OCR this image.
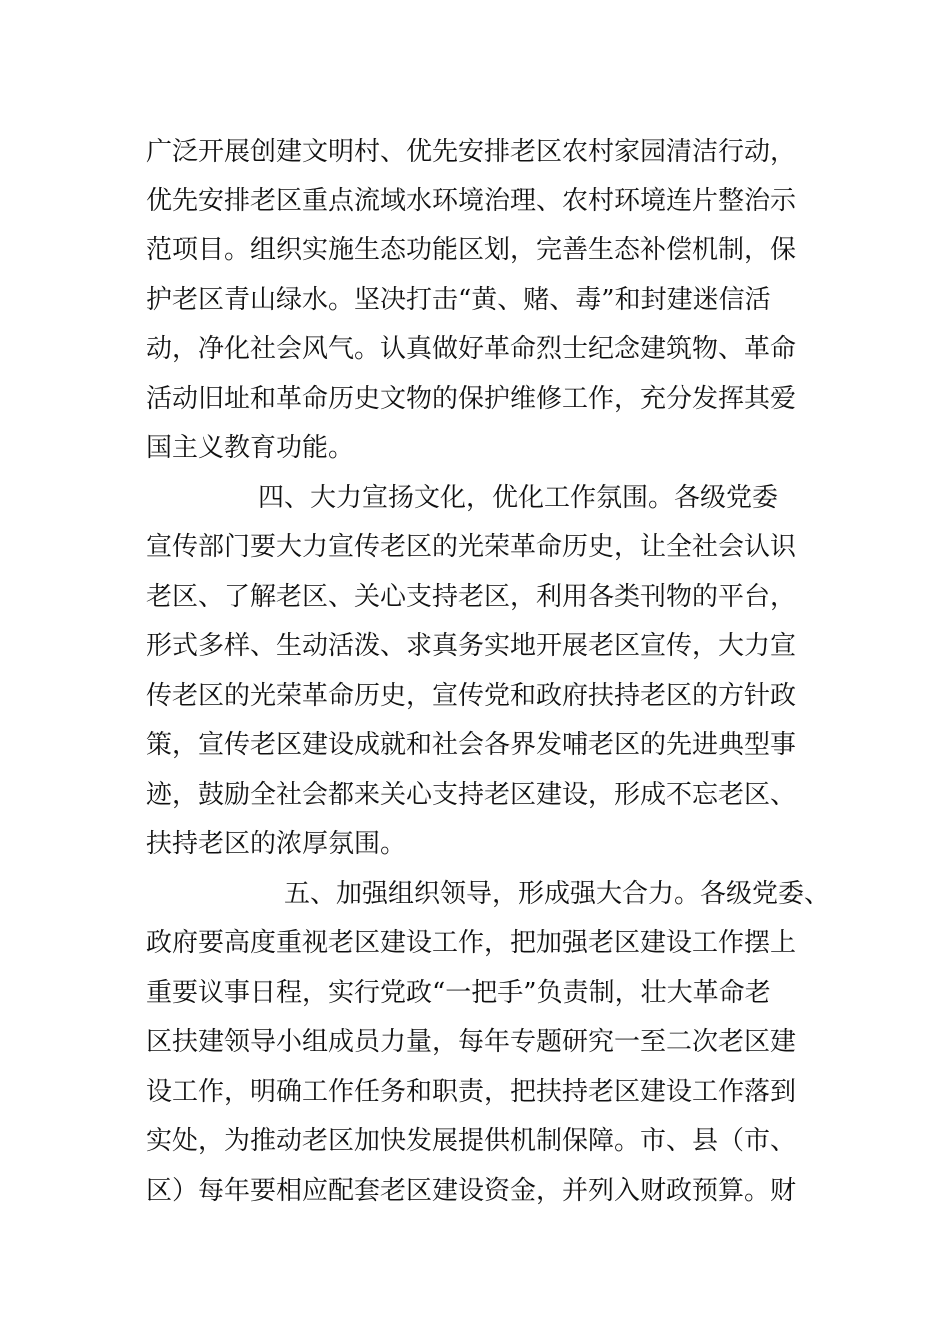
广泛开展创建文明村、优先安排老区农村家园清洁行动，
优先安排老区重点流域水环境治理、农村环境连片整治示
范项目。组织实施生态功能区划，完善生态补偿机制，保
护老区青山绿水。坚决打击“黄、赌、毒”和封建迷信活
动，净化社会风气。认真做好革命烈士纪念建筑物、革命
活动旧址和革命历史文物的保护维修工作，充分发挥其爱
国主义教育功能。
四、大力宣扬文化，优化工作氛围。各级党委
宣传部门要大力宣传老区的光荣革命历史，让全社会认识
老区、了解老区、关心支持老区，利用各类刊物的平台，
形式多样、生动活泼、求真务实地开展老区宣传，大力宣
传老区的光荣革命历史，宣传党和政府扶持老区的方针政
策，宣传老区建设成就和社会各界发哺老区的先进典型事
迹，鼓励全社会都来关心支持老区建设，形成不忘老区、
扶持老区的浓厚氛围。
五、加强组织领导，形成强大合力。各级党委、
政府要高度重视老区建设工作，把加强老区建设工作摆上
重要议事日程，实行党政“一把手”负责制，壮大革命老
区扶建领导小组成员力量，每年专题研究一至二次老区建
设工作，明确工作任务和职责，把扶持老区建设工作落到
实处，为推动老区加快发展提供机制保障。市、县（市、
区）每年要相应配套老区建设资金，并列入财政预算。财
